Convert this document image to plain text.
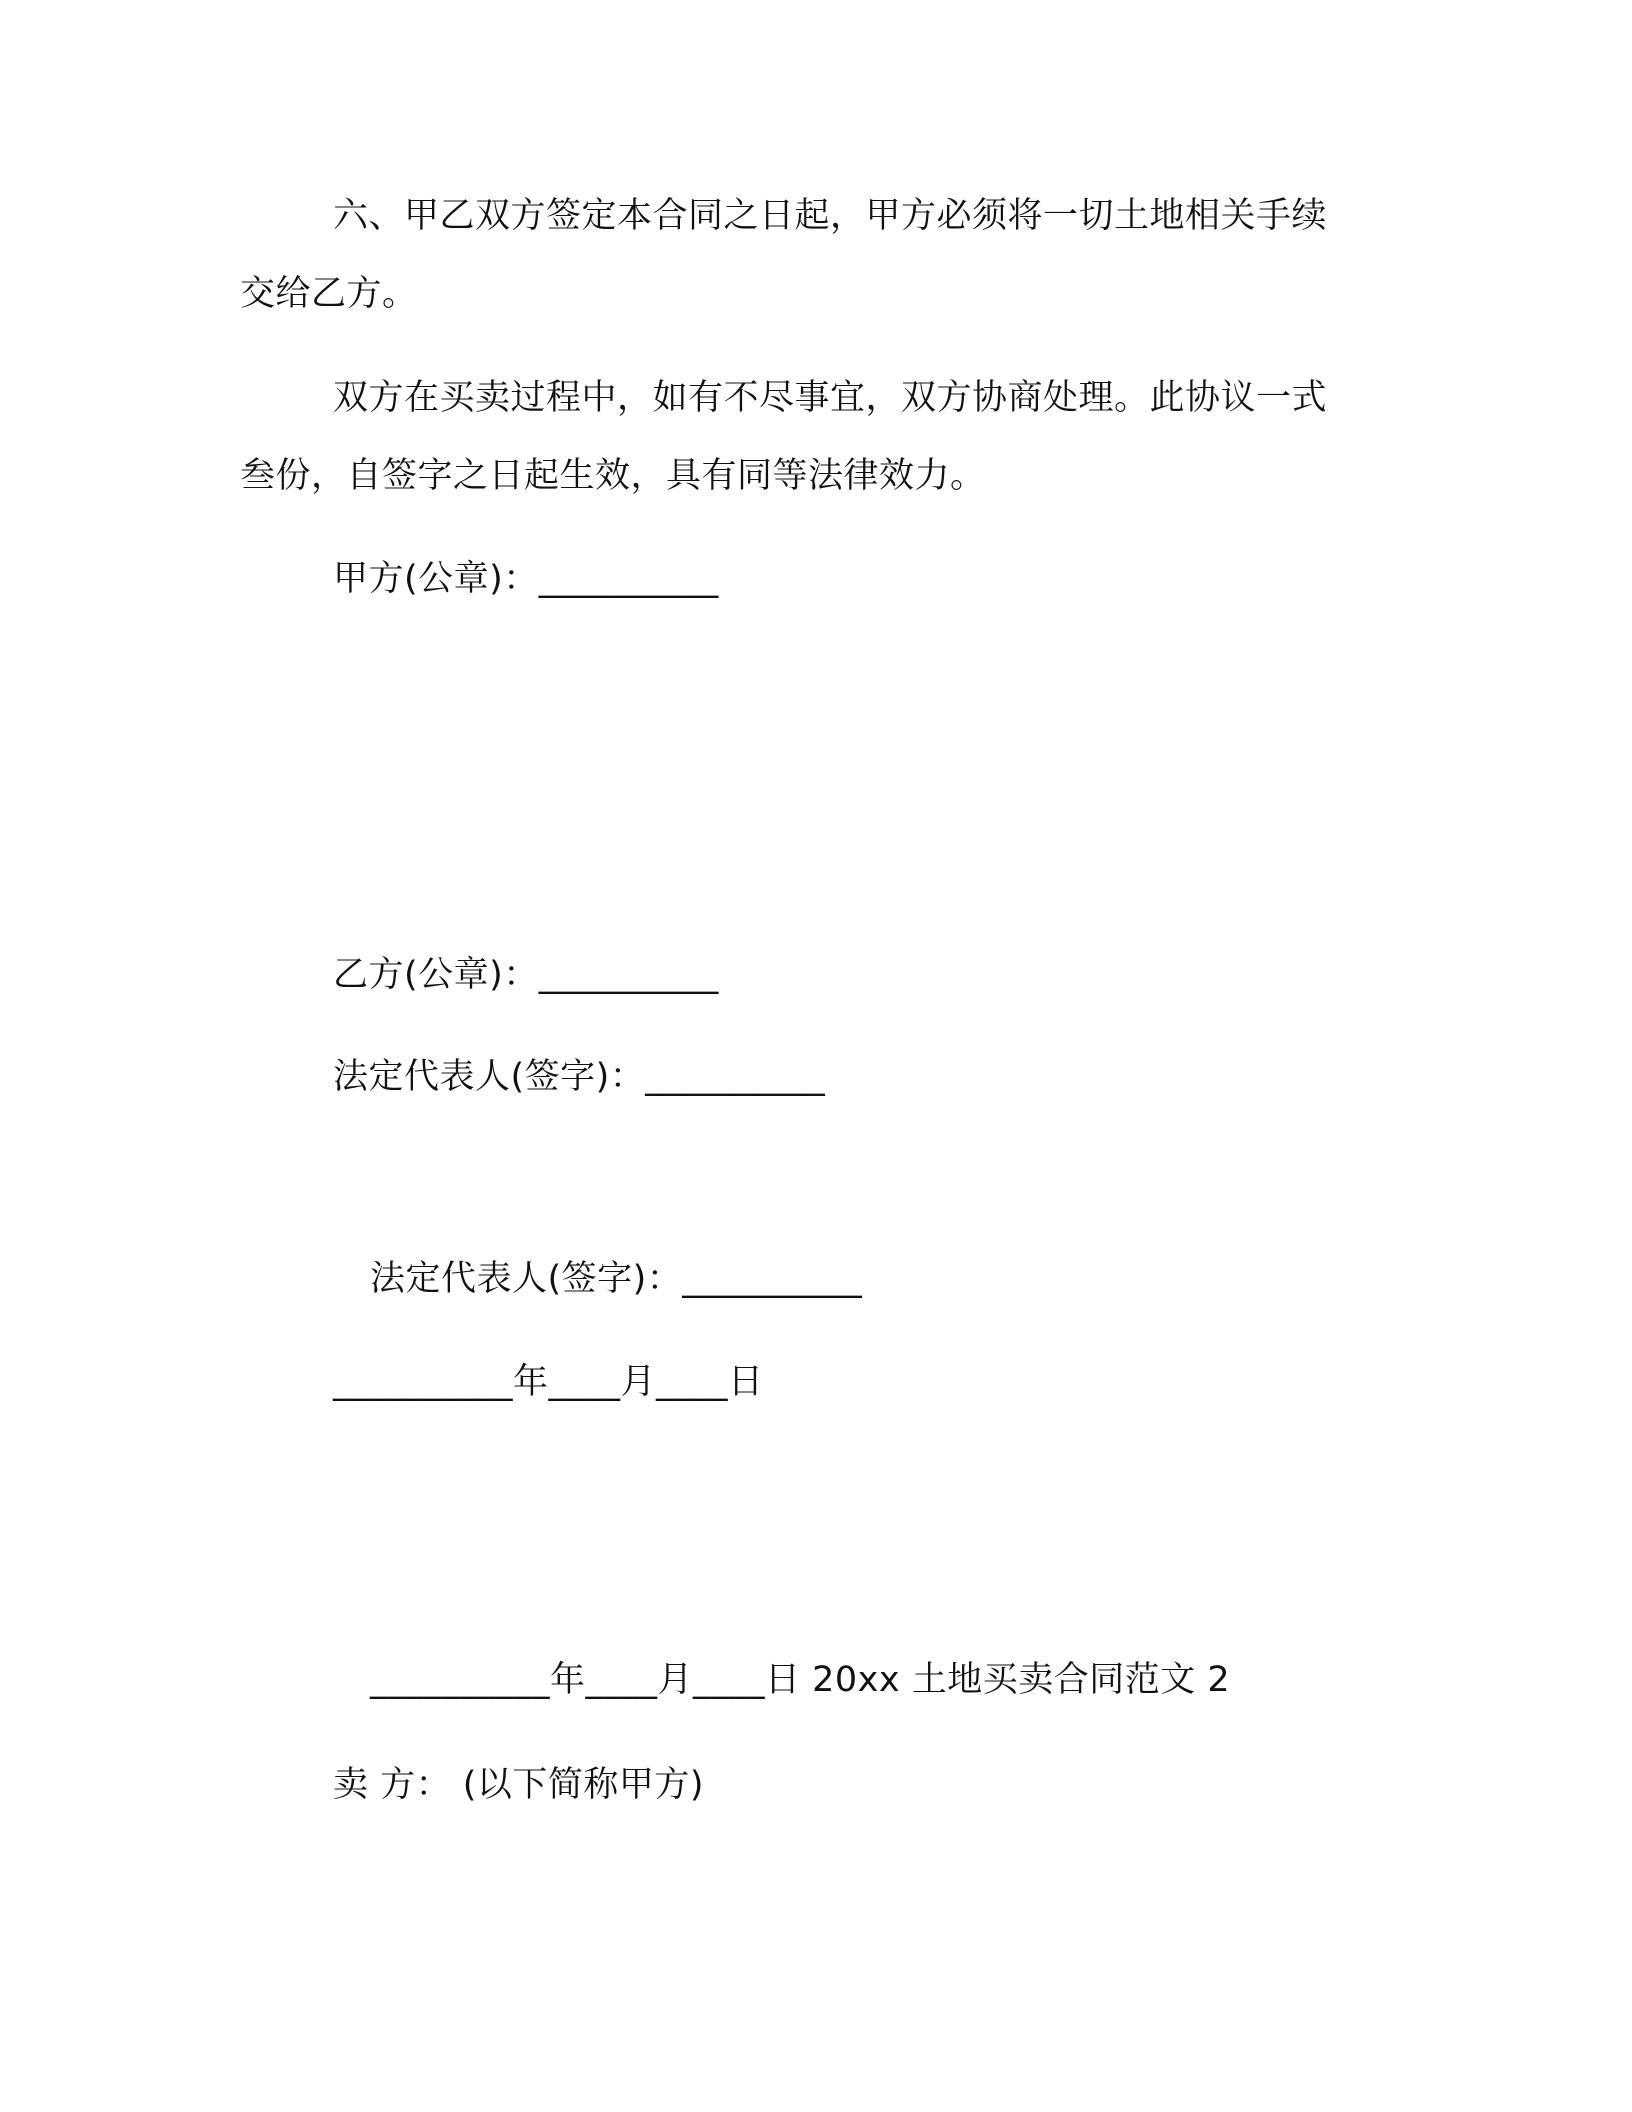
六、甲乙双方签定本合同之日起，甲方必须将一切土地相关手续
交给乙方。
双方在买卖过程中，如有不尽事宜，双方协商处理。此协议一式
叁份，自签字之日起生效，具有同等法律效力。
甲方(公章)：__________
乙方(公章)：__________
法定代表人(签字)：__________
法定代表人(签字)：__________
__________年____月____日
__________年____月____日 20xx 土地买卖合同范文 2
卖 方： (以下简称甲方)
